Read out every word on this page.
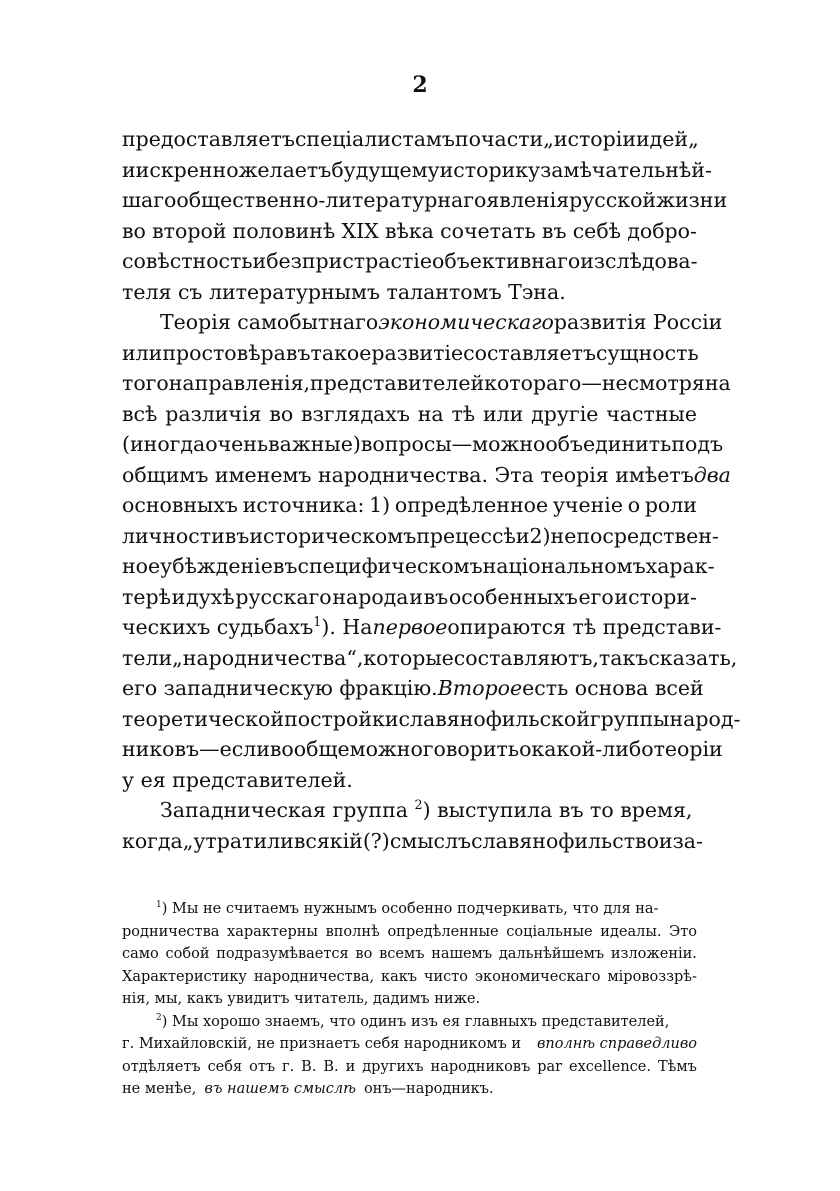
2
предоставляетъ спеціалистамъ по части „исторіи идей„
и искренно желаетъ будущему историку замѣчательнѣй-
шаго общественно-литературнаго явленія русской жизни
во второй половинѣ XIX вѣка сочетать въ себѣ добро-
совѣстность и безпристрастіе объективнаго изслѣдова-
теля съ литературнымъ талантомъ Тэна.
Теорія самобытнаго экономическаго развитія Россіи
или просто вѣра въ такое развитіе составляетъ сущность
того направленія, представителей котораго—несмотря на
всѣ различія во взглядахъ на тѣ или другіе частные
(иногда очень важные) вопросы—можно объединить подъ
общимъ именемъ народничества. Эта теорія имѣетъ два
основныхъ источника: 1) опредѣленное ученіе о роли
личности въ историческомъ прецессѣ и 2) непосредствен-
ное убѣжденіе въ специфическомъ національномъ харак-
терѣ и духѣ русскаго народа и въ особенныхъ его истори-
ческихъ судьбахъ$^1$). На первое опираются тѣ представи-
тели „народничества“, которые составляютъ, такъ сказать,
его западническую фракцію. Второе есть основа всей
теоретической постройки славянофильской группы народ-
никовъ—если вообще можно говорить о какой-либо теоріи
у ея представителей.
Западническая группа $^2$) выступила въ то время,
когда „утратили всякій (?) смыслъ славянофильство и за-
$^1$) Мы не считаемъ нужнымъ особенно подчеркивать, что для на-
родничества характерны вполнѣ опредѣленные соціальные идеалы. Это
само собой подразумѣвается во всемъ нашемъ дальнѣйшемъ изложеніи.
Характеристику народничества, какъ чисто экономическаго міровоззрѣ-
нія, мы, какъ увидитъ читатель, дадимъ ниже.
$^2$) Мы хорошо знаемъ, что одинъ изъ ея главныхъ представителей,
г. Михайловскій, не признаетъ себя народникомъ и вполнѣ справедливо
отдѣляетъ себя отъ г. В. В. и другихъ народниковъ par excellence. Тѣмъ
не менѣе, въ нашемъ смыслѣ онъ—народникъ.
